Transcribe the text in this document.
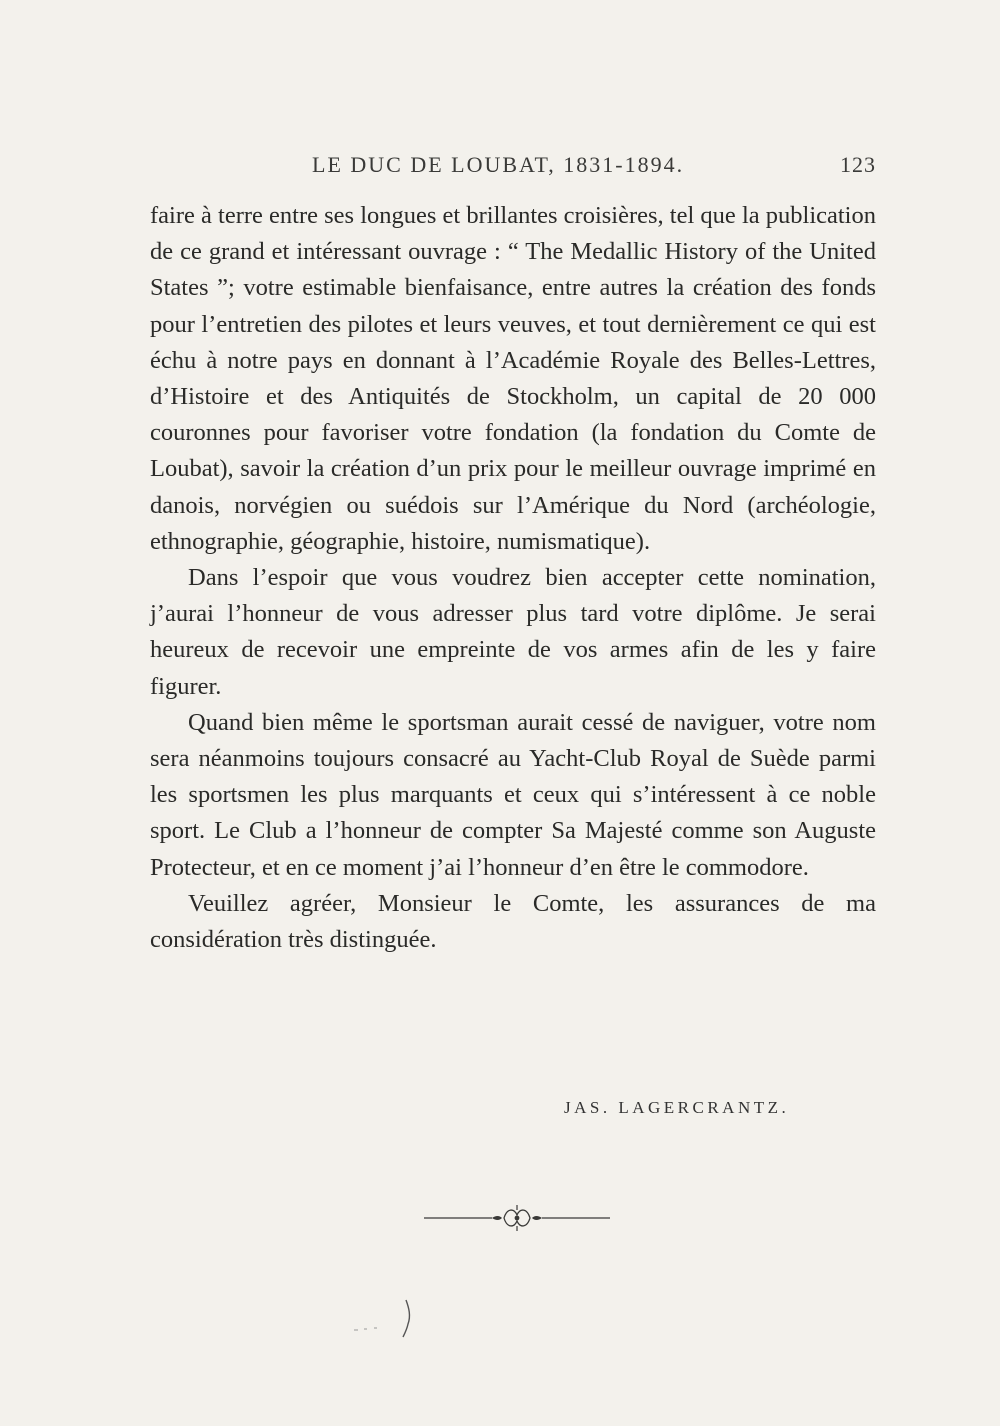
LE DUC DE LOUBAT, 1831-1894.	123

faire à terre entre ses longues et brillantes croisières, tel que la publication de ce grand et intéressant ouvrage : “ The Medallic History of the United States ”; votre estimable bienfaisance, entre autres la création des fonds pour l’entretien des pilotes et leurs veuves, et tout dernièrement ce qui est échu à notre pays en donnant à l’Académie Royale des Belles-Lettres, d’Histoire et des Antiquités de Stockholm, un capital de 20 000 couronnes pour favoriser votre fondation (la fondation du Comte de Loubat), savoir la création d’un prix pour le meilleur ouvrage imprimé en danois, norvégien ou suédois sur l’Amérique du Nord (archéologie, ethnographie, géographie, histoire, numismatique).

Dans l’espoir que vous voudrez bien accepter cette nomination, j’aurai l’honneur de vous adresser plus tard votre diplôme. Je serai heureux de recevoir une empreinte de vos armes afin de les y faire figurer.

Quand bien même le sportsman aurait cessé de naviguer, votre nom sera néanmoins toujours consacré au Yacht-Club Royal de Suède parmi les sportsmen les plus marquants et ceux qui s’intéressent à ce noble sport. Le Club a l’honneur de compter Sa Majesté comme son Auguste Protecteur, et en ce moment j’ai l’honneur d’en être le commodore.

Veuillez agréer, Monsieur le Comte, les assurances de ma considération très distinguée.

JAS. LAGERCRANTZ.
